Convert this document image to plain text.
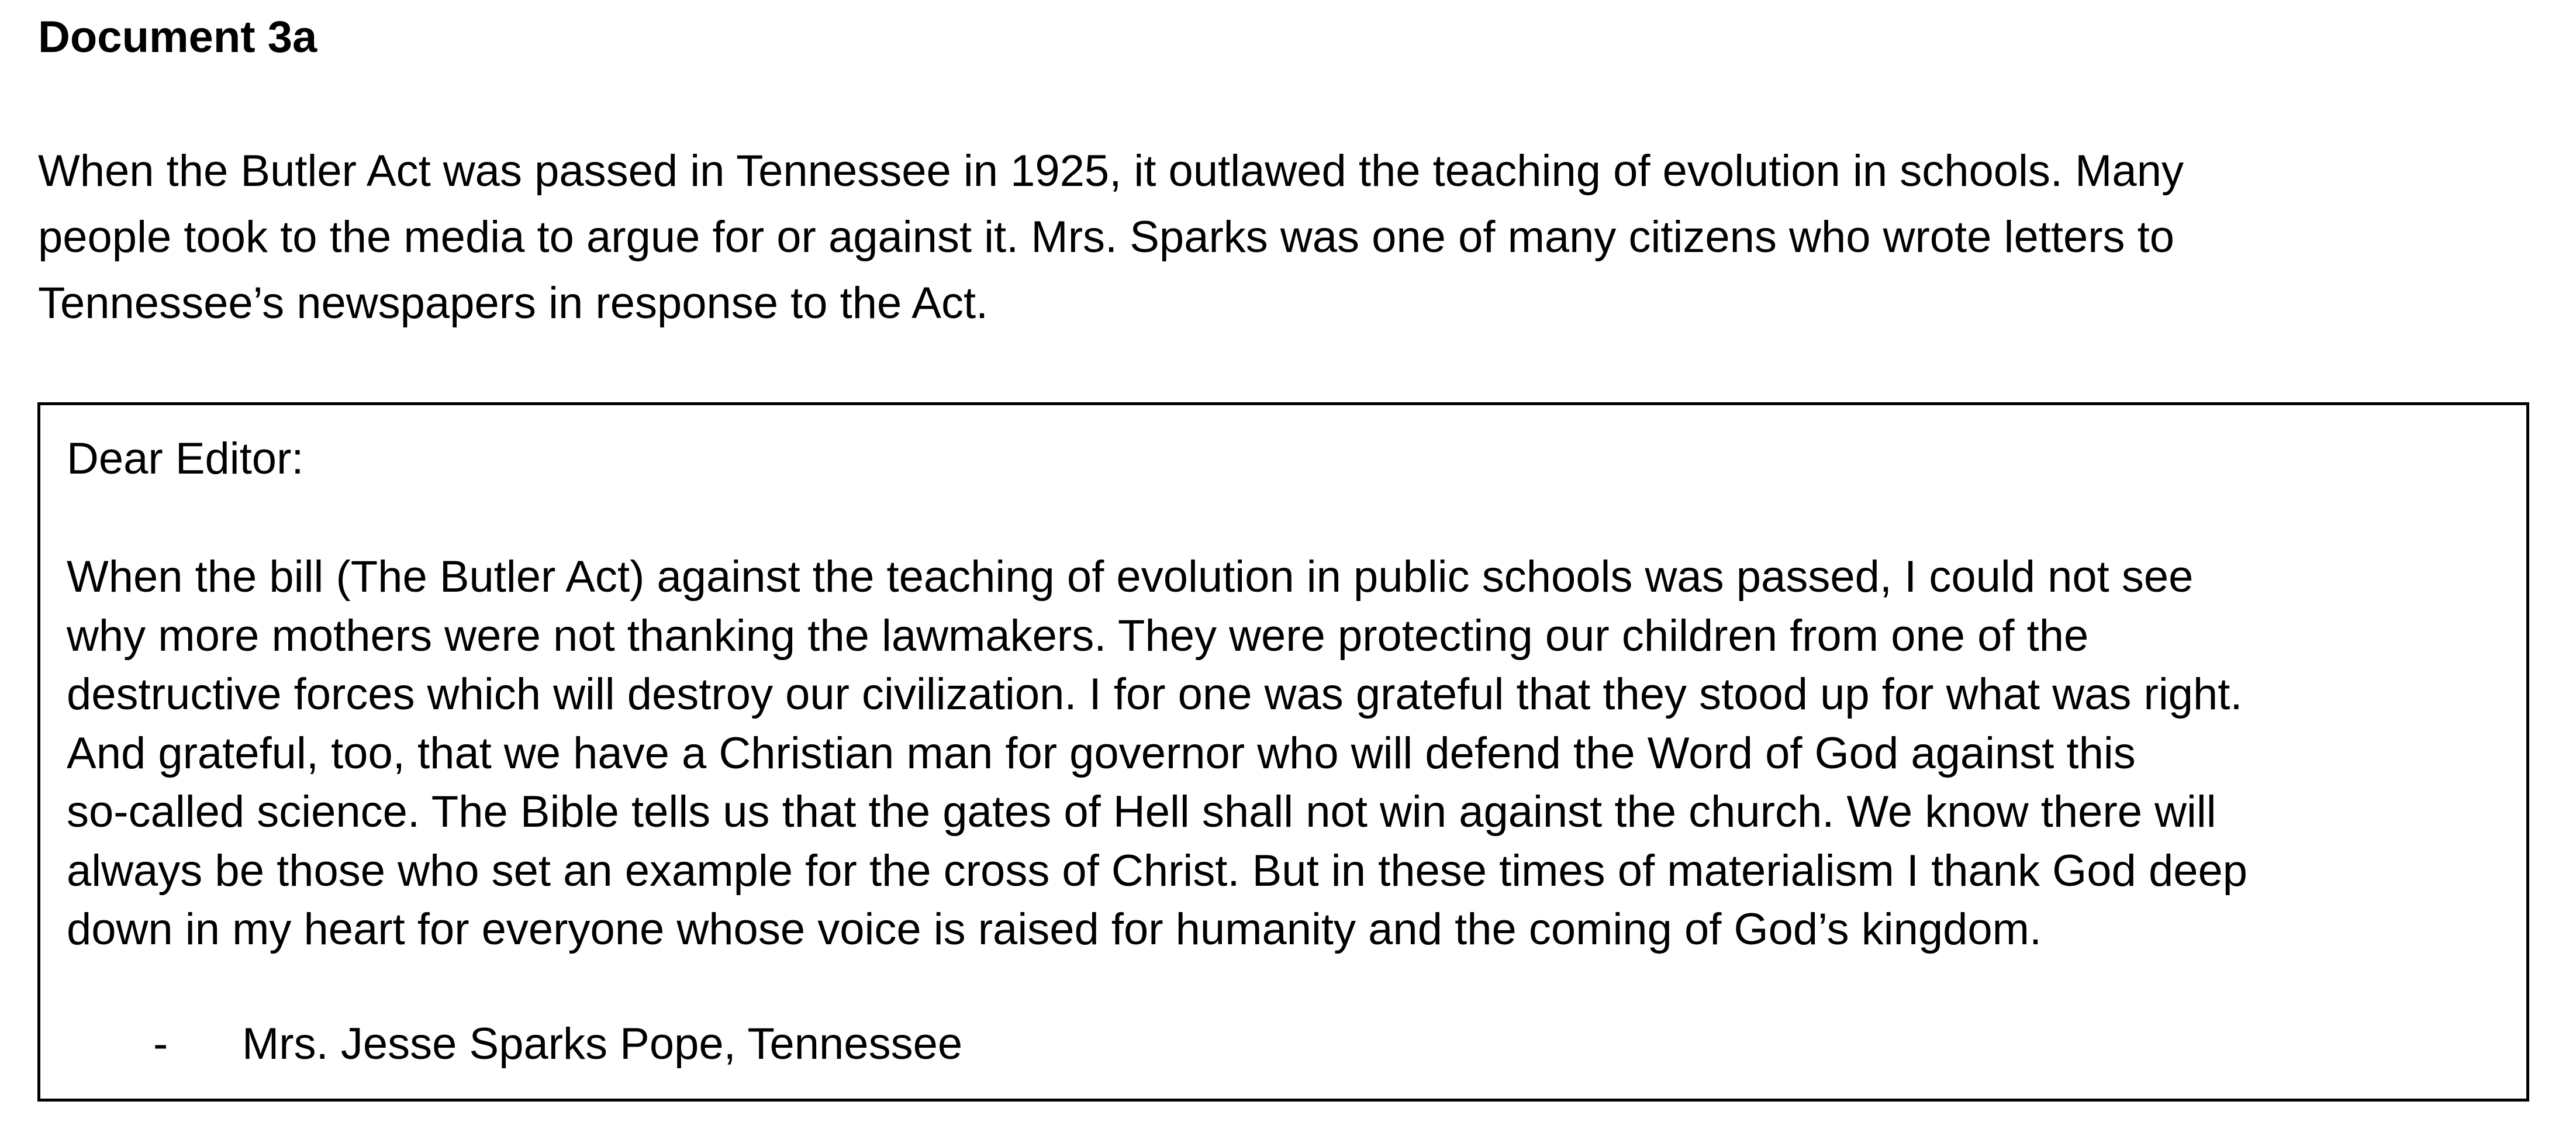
Document 3a
When the Butler Act was passed in Tennessee in 1925, it outlawed the teaching of evolution in schools. Many
people took to the media to argue for or against it. Mrs. Sparks was one of many citizens who wrote letters to
Tennessee’s newspapers in response to the Act.
Dear Editor:
When the bill (The Butler Act) against the teaching of evolution in public schools was passed, I could not see
why more mothers were not thanking the lawmakers. They were protecting our children from one of the
destructive forces which will destroy our civilization. I for one was grateful that they stood up for what was right.
And grateful, too, that we have a Christian man for governor who will defend the Word of God against this
so-called science. The Bible tells us that the gates of Hell shall not win against the church. We know there will
always be those who set an example for the cross of Christ. But in these times of materialism I thank God deep
down in my heart for everyone whose voice is raised for humanity and the coming of God’s kingdom.
- Mrs. Jesse Sparks Pope, Tennessee
